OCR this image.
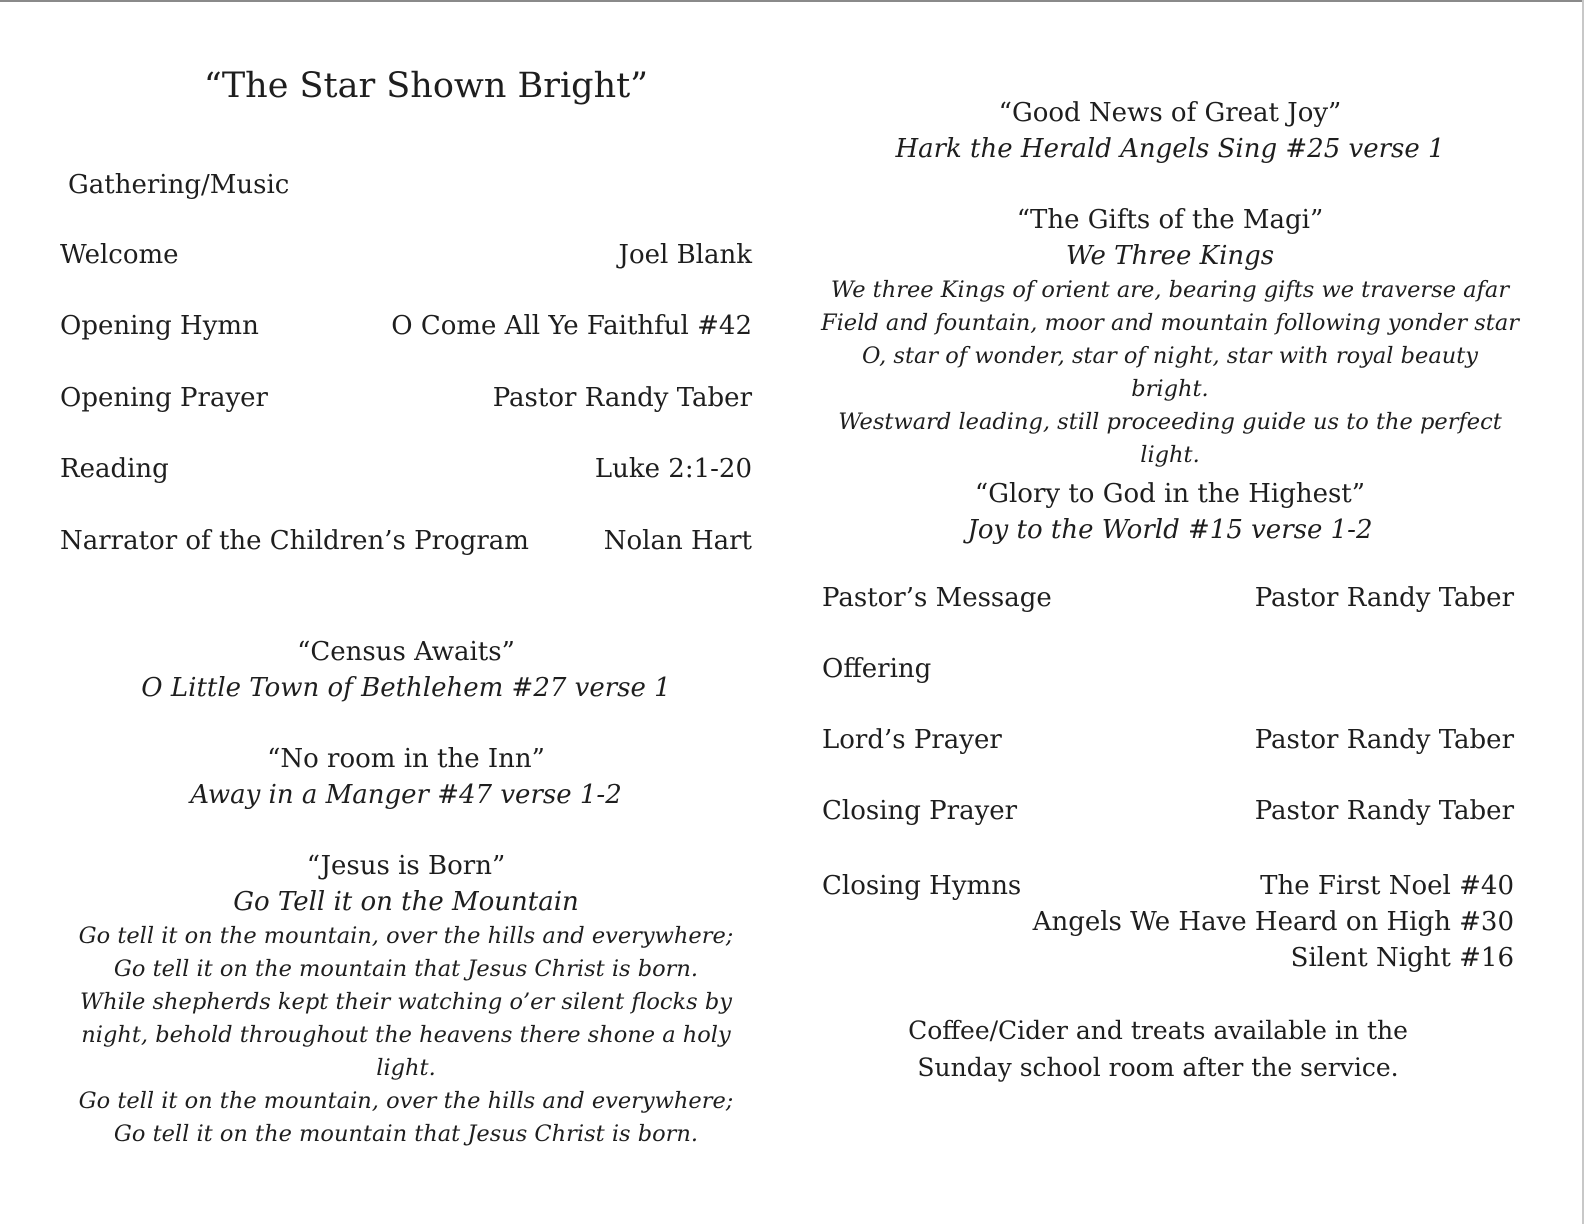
“The Star Shown Bright”
Gathering/Music
Welcome	Joel Blank
Opening Hymn	O Come All Ye Faithful #42
Opening Prayer	Pastor Randy Taber
Reading	Luke 2:1-20
Narrator of the Children’s Program	Nolan Hart
“Census Awaits”
O Little Town of Bethlehem #27 verse 1
“No room in the Inn”
Away in a Manger #47 verse 1-2
“Jesus is Born”
Go Tell it on the Mountain
Go tell it on the mountain, over the hills and everywhere;
Go tell it on the mountain that Jesus Christ is born.
While shepherds kept their watching o’er silent flocks by
night, behold throughout the heavens there shone a holy light.
Go tell it on the mountain, over the hills and everywhere;
Go tell it on the mountain that Jesus Christ is born.
“Good News of Great Joy”
Hark the Herald Angels Sing #25 verse 1
“The Gifts of the Magi”
We Three Kings
We three Kings of orient are, bearing gifts we traverse afar
Field and fountain, moor and mountain following yonder star
O, star of wonder, star of night, star with royal beauty bright.
Westward leading, still proceeding guide us to the perfect
light.
“Glory to God in the Highest”
Joy to the World #15 verse 1-2
Pastor’s Message	Pastor Randy Taber
Offering
Lord’s Prayer	Pastor Randy Taber
Closing Prayer	Pastor Randy Taber
Closing Hymns	The First Noel #40
Angels We Have Heard on High #30
Silent Night #16
Coffee/Cider and treats available in the
Sunday school room after the service.
